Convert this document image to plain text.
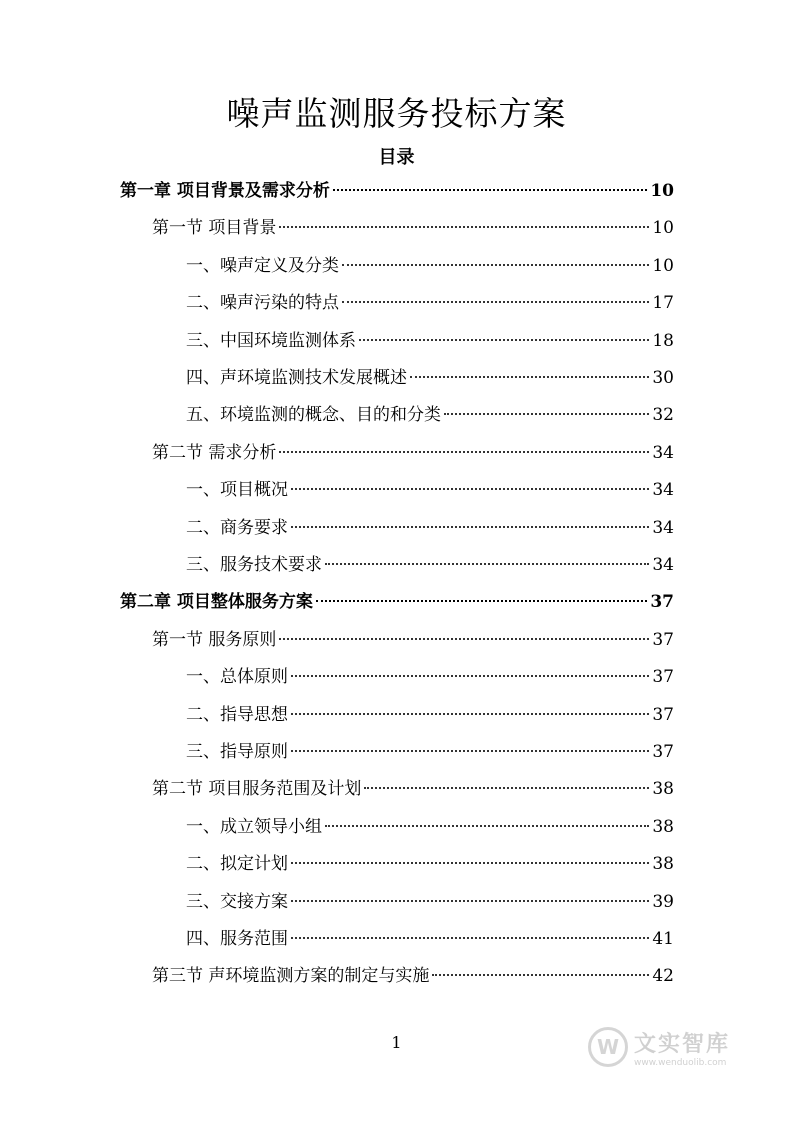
噪声监测服务投标方案
目录
第一章 项目背景及需求分析	10
第一节 项目背景	10
一、噪声定义及分类	10
二、噪声污染的特点	17
三、中国环境监测体系	18
四、声环境监测技术发展概述	30
五、环境监测的概念、目的和分类	32
第二节 需求分析	34
一、项目概况	34
二、商务要求	34
三、服务技术要求	34
第二章 项目整体服务方案	37
第一节 服务原则	37
一、总体原则	37
二、指导思想	37
三、指导原则	37
第二节 项目服务范围及计划	38
一、成立领导小组	38
二、拟定计划	38
三、交接方案	39
四、服务范围	41
第三节 声环境监测方案的制定与实施	42
1	W 文实智库
www.wenduolib.com
